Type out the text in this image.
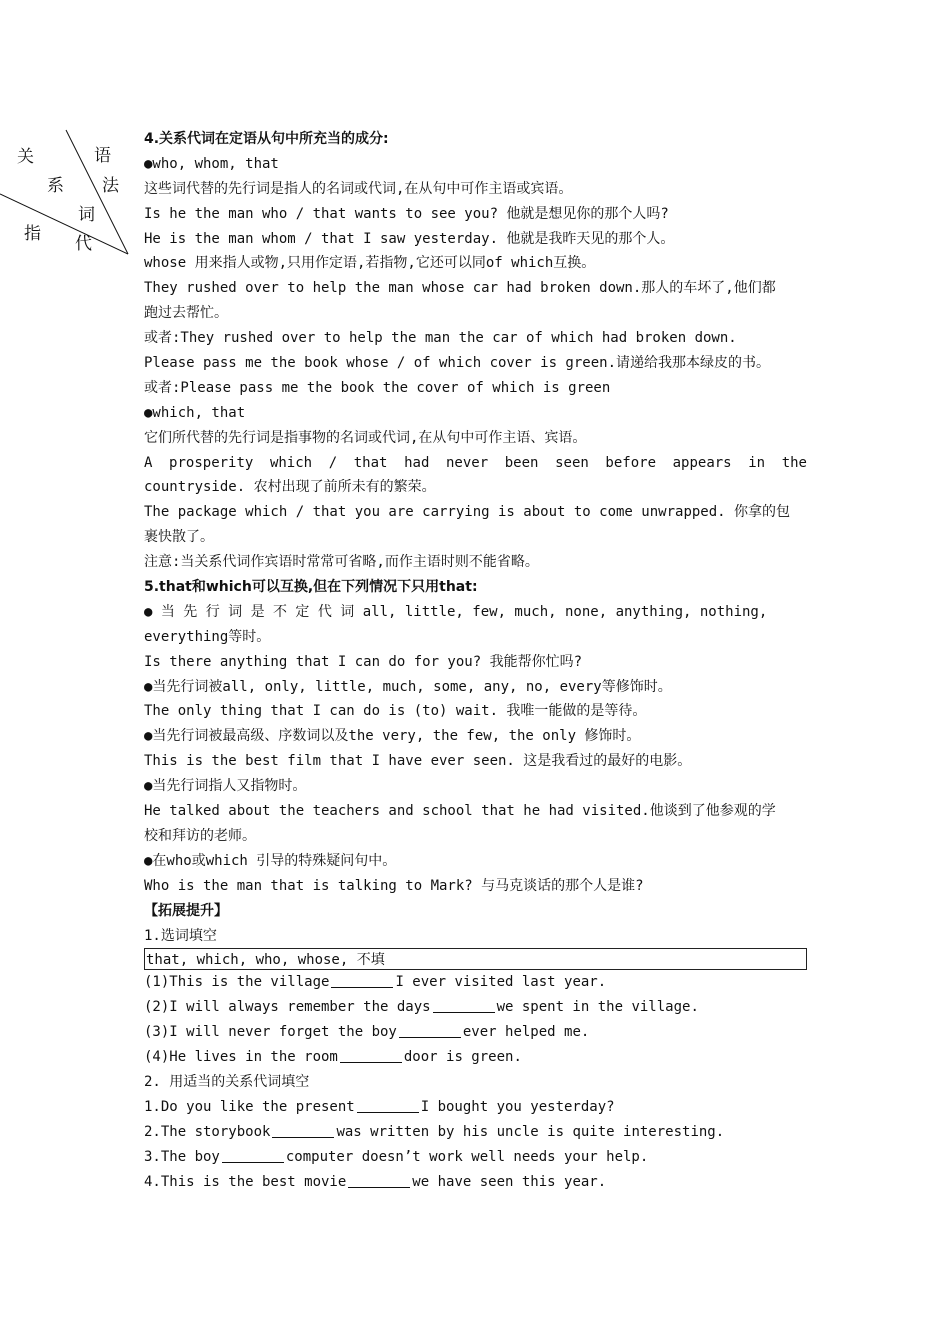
关	语
系 法
词
指 代
4.关系代词在定语从句中所充当的成分:
●who, whom, that
这些词代替的先行词是指人的名词或代词,在从句中可作主语或宾语。
Is he the man who / that wants to see you? 他就是想见你的那个人吗?
He is the man whom / that I saw yesterday. 他就是我昨天见的那个人。
whose 用来指人或物,只用作定语,若指物,它还可以同of which互换。
They rushed over to help the man whose car had broken down.那人的车坏了,他们都
跑过去帮忙。
或者:They rushed over to help the man the car of which had broken down.
Please pass me the book whose / of which cover is green.请递给我那本绿皮的书。
或者:Please pass me the book the cover of which is green
●which, that
它们所代替的先行词是指事物的名词或代词,在从句中可作主语、宾语。
A prosperity which / that had never been seen before appears in the
countryside. 农村出现了前所未有的繁荣。
The package which / that you are carrying is about to come unwrapped. 你拿的包
裹快散了。
注意:当关系代词作宾语时常常可省略,而作主语时则不能省略。
5.that和which可以互换,但在下列情况下只用that:
● 当 先 行 词 是 不 定 代 词 all, little, few, much, none, anything, nothing,
everything等时。
Is there anything that I can do for you? 我能帮你忙吗?
●当先行词被all, only, little, much, some, any, no, every等修饰时。
The only thing that I can do is (to) wait. 我唯一能做的是等待。
●当先行词被最高级、序数词以及the very, the few, the only 修饰时。
This is the best film that I have ever seen. 这是我看过的最好的电影。
●当先行词指人又指物时。
He talked about the teachers and school that he had visited.他谈到了他参观的学
校和拜访的老师。
●在who或which 引导的特殊疑问句中。
Who is the man that is talking to Mark? 与马克谈话的那个人是谁?
【拓展提升】
1.选词填空
that, which, who, whose, 不填
(1)This is the village	I ever visited last year.
(2)I will always remember the days	we spent in the village.
(3)I will never forget the boy	ever helped me.
(4)He lives in the room	door is green.
2. 用适当的关系代词填空
1.Do you like the present	I bought you yesterday?
2.The storybook	was written by his uncle is quite interesting.
3.The boy	computer doesn’t work well needs your help.
4.This is the best movie	we have seen this year.
